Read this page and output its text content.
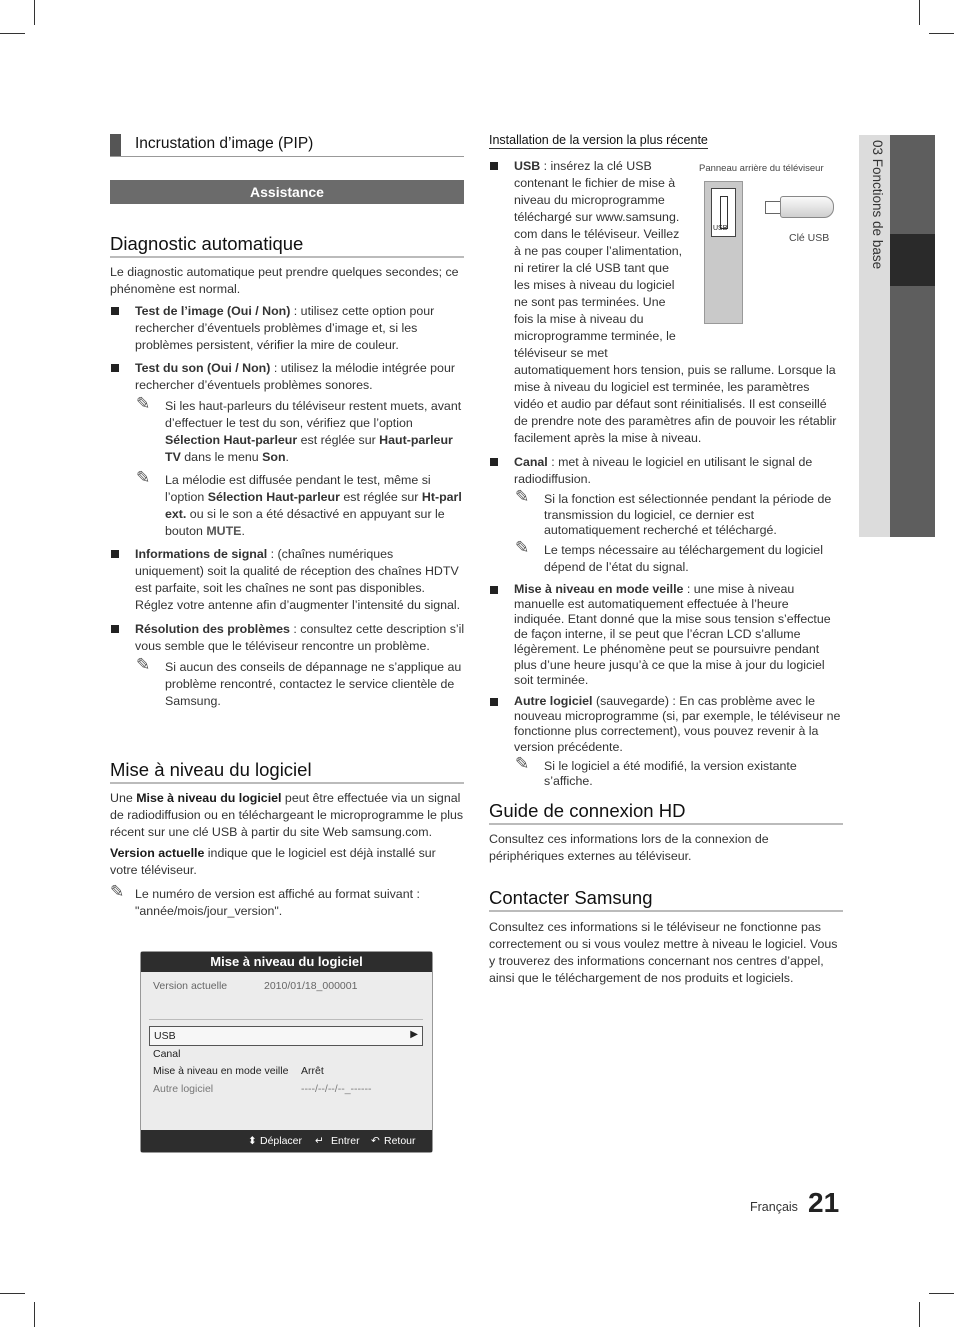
03 Fonctions de base
Incrustation d’image (PIP)
Assistance
Diagnostic automatique

Le diagnostic automatique peut prendre quelques secondes; ce phénomène est normal.

Test de l’image (Oui / Non) : utilisez cette option pour rechercher d’éventuels problèmes d’image et, si les problèmes persistent, vérifier la mire de couleur.

Test du son (Oui / Non) : utilisez la mélodie intégrée pour rechercher d’éventuels problèmes sonores.

✎ Si les haut-parleurs du téléviseur restent muets, avant d’effectuer le test du son, vérifiez que l’option Sélection Haut-parleur est réglée sur Haut-parleur TV dans le menu Son.

✎ La mélodie est diffusée pendant le test, même si l’option Sélection Haut-parleur est réglée sur Ht-parl ext. ou si le son a été désactivé en appuyant sur le bouton MUTE.

Informations de signal : (chaînes numériques uniquement) soit la qualité de réception des chaînes HDTV est parfaite, soit les chaînes ne sont pas disponibles. Réglez votre antenne afin d’augmenter l’intensité du signal.

Résolution des problèmes : consultez cette description s’il vous semble que le téléviseur rencontre un problème.

✎ Si aucun des conseils de dépannage ne s’applique au problème rencontré, contactez le service clientèle de Samsung.

Mise à niveau du logiciel

Une Mise à niveau du logiciel peut être effectuée via un signal de radiodiffusion ou en téléchargeant le microprogramme le plus récent sur une clé USB à partir du site Web samsung.com.

Version actuelle indique que le logiciel est déjà installé sur votre téléviseur.

✎ Le numéro de version est affiché au format suivant : "année/mois/jour_version".

Mise à niveau du logiciel
Version actuelle	2010/01/18_000001
USB	▶
Canal
Mise à niveau en mode veille Arrêt
Autre logiciel	----/--/--/--_------
⬍ Déplacer ↵ Entrer ↶ Retour
Installation de la version la plus récente
Panneau arrière du téléviseur
USB
Clé USB

USB : insérez la clé USB contenant le fichier de mise à niveau du microprogramme téléchargé sur www.samsung. com dans le téléviseur. Veillez à ne pas couper l’alimentation, ni retirer la clé USB tant que les mises à niveau du logiciel ne sont pas terminées. Une fois la mise à niveau du microprogramme terminée, le téléviseur se met

automatiquement hors tension, puis se rallume. Lorsque la mise à niveau du logiciel est terminée, les paramètres vidéo et audio par défaut sont réinitialisés. Il est conseillé de prendre note des paramètres afin de pouvoir les rétablir facilement après la mise à niveau.

Canal : met à niveau le logiciel en utilisant le signal de radiodiffusion.

✎ Si la fonction est sélectionnée pendant la période de transmission du logiciel, ce dernier est automatiquement recherché et téléchargé.

✎ Le temps nécessaire au téléchargement du logiciel dépend de l’état du signal.

Mise à niveau en mode veille : une mise à niveau manuelle est automatiquement effectuée à l’heure indiquée. Etant donné que la mise sous tension s’effectue de façon interne, il se peut que l’écran LCD s’allume légèrement. Le phénomène peut se poursuivre pendant plus d’une heure jusqu’à ce que la mise à jour du logiciel soit terminée.

Autre logiciel (sauvegarde) : En cas problème avec le nouveau microprogramme (si, par exemple, le téléviseur ne fonctionne plus correctement), vous pouvez revenir à la version précédente.

✎ Si le logiciel a été modifié, la version existante s’affiche.

Guide de connexion HD

Consultez ces informations lors de la connexion de périphériques externes au téléviseur.

Contacter Samsung

Consultez ces informations si le téléviseur ne fonctionne pas correctement ou si vous voulez mettre à niveau le logiciel. Vous y trouverez des informations concernant nos centres d’appel, ainsi que le téléchargement de nos produits et logiciels.

Français 21
